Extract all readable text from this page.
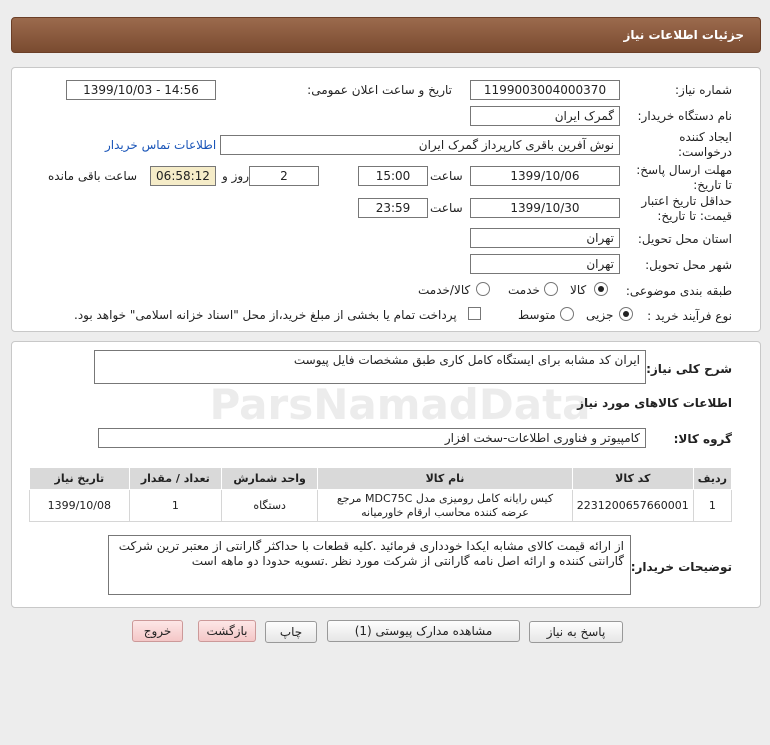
جزئیات اطلاعات نیاز
شماره نیاز:
1199003004000370
تاریخ و ساعت اعلان عمومی:
1399/10/03 - 14:56
نام دستگاه خریدار:
گمرک ایران
ایجاد کننده
درخواست:
نوش آفرین باقری کارپرداز گمرک ایران
اطلاعات تماس خریدار
مهلت ارسال پاسخ:
تا تاریخ:
1399/10/06
ساعت
15:00
2
روز و
06:58:12
ساعت باقی مانده
حداقل تاریخ اعتبار
قیمت: تا تاریخ:
1399/10/30
ساعت
23:59
استان محل تحویل:
تهران
شهر محل تحویل:
تهران
طبقه بندی موضوعی:
کالا
خدمت
کالا/خدمت
نوع فرآیند خرید :
جزیی
متوسط
پرداخت تمام یا بخشی از مبلغ خرید،از محل "اسناد خزانه اسلامی" خواهد بود.
شرح کلی نیاز:
ایران کد مشابه برای ایستگاه کامل کاری طبق مشخصات فایل پیوست
اطلاعات کالاهای مورد نیاز
گروه کالا:
کامپیوتر و فناوری اطلاعات-سخت افزار
ردیف	کد کالا	نام کالا	واحد شمارش	تعداد / مقدار	تاریخ نیاز
1	2231200657660001	کیس رایانه کامل رومیزی مدل MDC75C مرجع عرضه کننده محاسب ارقام خاورمیانه	دستگاه	1	1399/10/08
توضیحات خریدار:
از ارائه قیمت کالای مشابه ایکدا خودداری فرمائید .کلیه قطعات با حداکثر گارانتی از معتبر ترین شرکت گارانتی کننده و ارائه اصل نامه گارانتی از شرکت مورد نظر .تسویه حدودا دو ماهه است
پاسخ به نیاز
مشاهده مدارک پیوستی (1)
چاپ
بازگشت
خروج
